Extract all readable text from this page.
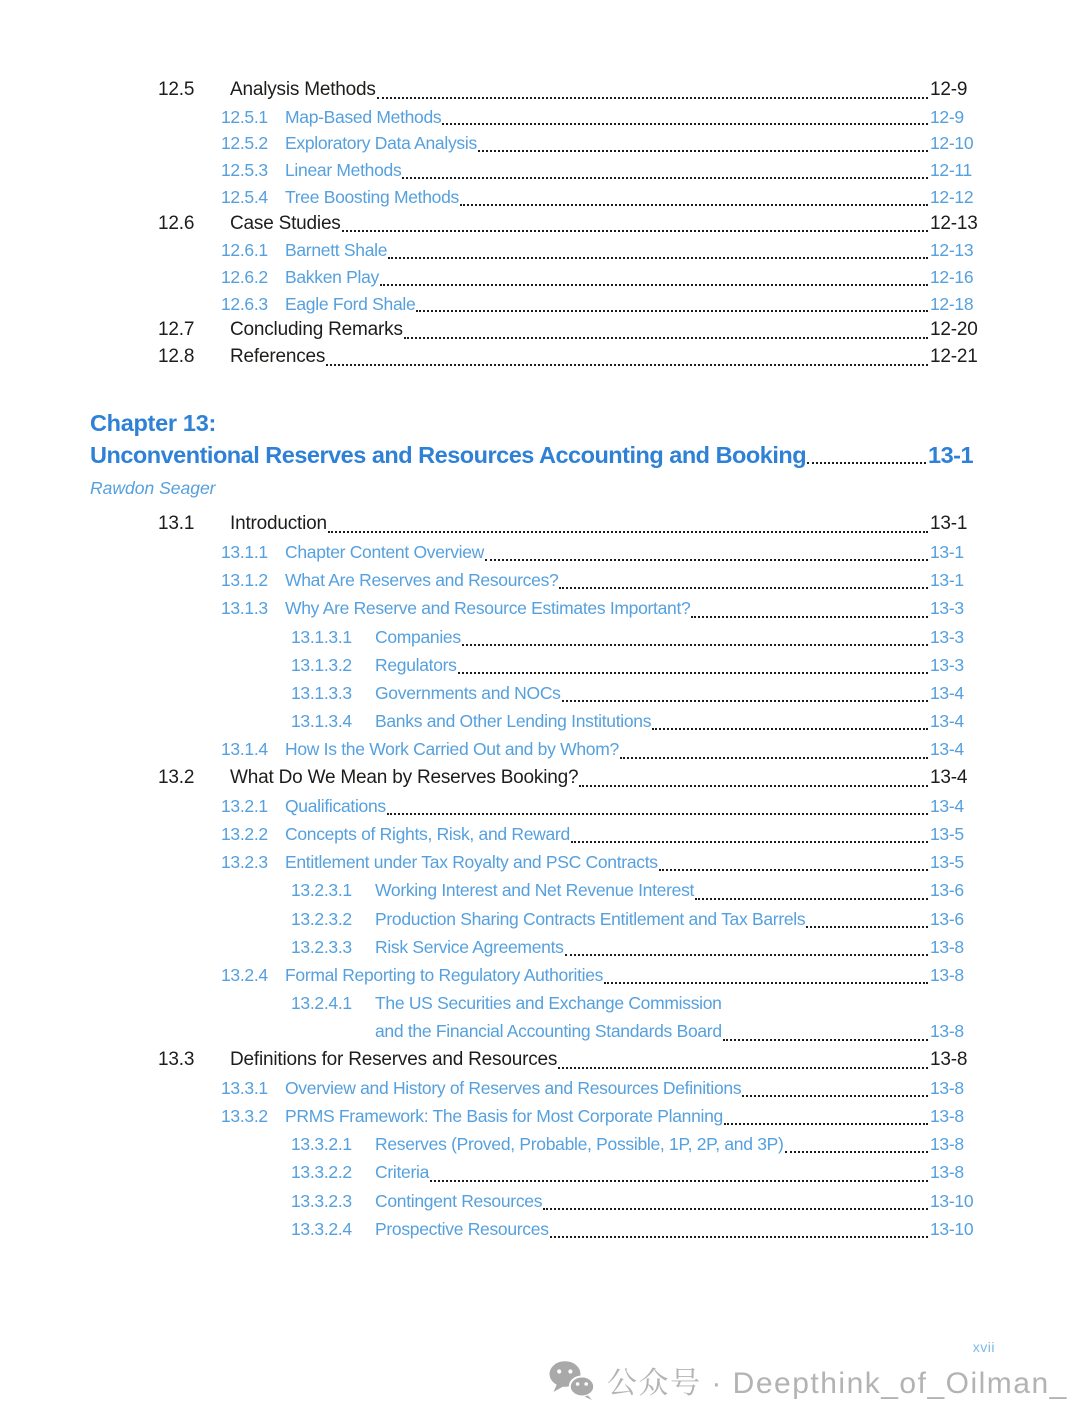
12.5	Analysis Methods	12-9
12.5.1 Map-Based Methods	12-9
12.5.2 Exploratory Data Analysis	12-10
12.5.3 Linear Methods	12-11
12.5.4 Tree Boosting Methods	12-12
12.6	Case Studies	12-13
12.6.1 Barnett Shale	12-13
12.6.2 Bakken Play	12-16
12.6.3 Eagle Ford Shale	12-18
12.7	Concluding Remarks	12-20
12.8	References	12-21
Chapter 13:
Unconventional Reserves and Resources Accounting and Booking	13-1
Rawdon Seager
13.1	Introduction	13-1
13.1.1 Chapter Content Overview	13-1
13.1.2 What Are Reserves and Resources?	13-1
13.1.3 Why Are Reserve and Resource Estimates Important?	13-3
13.1.3.1	Companies	13-3
13.1.3.2	Regulators	13-3
13.1.3.3	Governments and NOCs	13-4
13.1.3.4	Banks and Other Lending Institutions	13-4
13.1.4 How Is the Work Carried Out and by Whom?	13-4
13.2	What Do We Mean by Reserves Booking?	13-4
13.2.1 Qualifications	13-4
13.2.2 Concepts of Rights, Risk, and Reward	13-5
13.2.3 Entitlement under Tax Royalty and PSC Contracts	13-5
13.2.3.1	Working Interest and Net Revenue Interest	13-6
13.2.3.2	Production Sharing Contracts Entitlement and Tax Barrels	13-6
13.2.3.3	Risk Service Agreements	13-8
13.2.4 Formal Reporting to Regulatory Authorities	13-8
13.2.4.1	The US Securities and Exchange Commission
and the Financial Accounting Standards Board	13-8
13.3	Definitions for Reserves and Resources	13-8
13.3.1 Overview and History of Reserves and Resources Definitions	13-8
13.3.2 PRMS Framework: The Basis for Most Corporate Planning	13-8
13.3.2.1	Reserves (Proved, Probable, Possible, 1P, 2P, and 3P)	13-8
13.3.2.2	Criteria	13-8
13.3.2.3	Contingent Resources	13-10
13.3.2.4	Prospective Resources	13-10
xvii
公众号 · Deepthink_of_Oilman_
